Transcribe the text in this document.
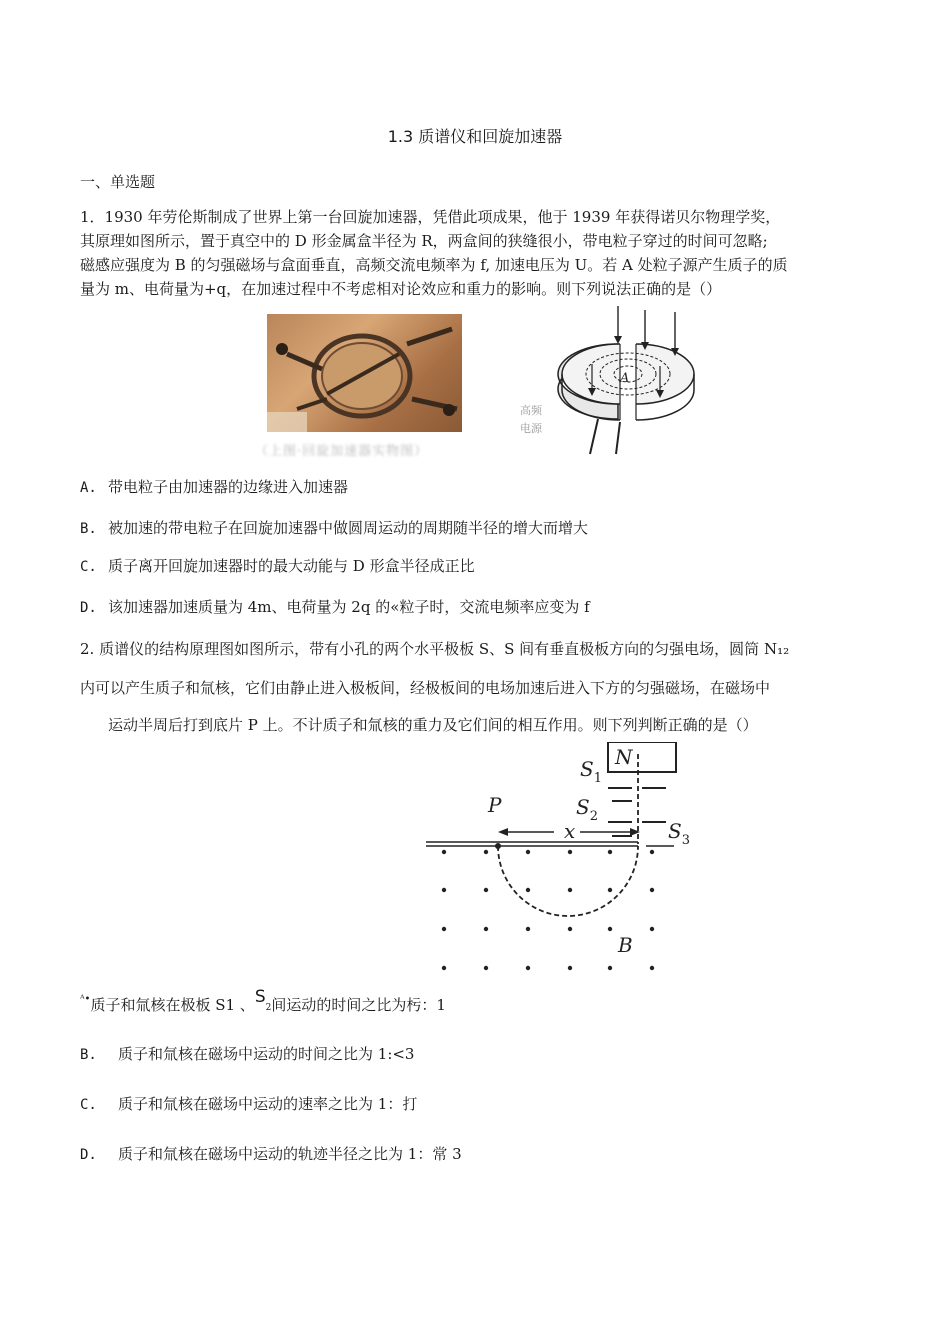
1.3 质谱仪和回旋加速器
一、单选题
1．1930 年劳伦斯制成了世界上第一台回旋加速器，凭借此项成果，他于 1939 年获得诺贝尔物理学奖，
其原理如图所示，置于真空中的 D 形金属盒半径为 R，两盒间的狭缝很小，带电粒子穿过的时间可忽略;
磁感应强度为 B 的匀强磁场与盒面垂直，高频交流电频率为 f, 加速电压为 U。若 A 处粒子源产生质子的质
量为 m、电荷量为+q，在加速过程中不考虑相对论效应和重力的影响。则下列说法正确的是（）
（上图·回旋加速器实物图）
A
高频
电源
A. 带电粒子由加速器的边缘进入加速器
B. 被加速的带电粒子在回旋加速器中做圆周运动的周期随半径的增大而增大
C. 质子离开回旋加速器时的最大动能与 D 形盒半径成正比
D. 该加速器加速质量为 4m、电荷量为 2q 的«粒子时，交流电频率应变为 f
2. 质谱仪的结构原理图如图所示，带有小孔的两个水平极板 S、S 间有垂直极板方向的匀强电场，圆筒 N₁₂
内可以产生质子和氚核，它们由静止进入极板间，经极板间的电场加速后进入下方的匀强磁场，在磁场中
运动半周后打到底片 P 上。不计质子和氚核的重力及它们间的相互作用。则下列判断正确的是（）
N
$S_1$
$S_2$
$S_3$
x
P
B
$^{ᴬ•}$质子和氚核在极板 S1 、S2间运动的时间之比为杇：1
B. 质子和氚核在磁场中运动的时间之比为 1:<3
C. 质子和氚核在磁场中运动的速率之比为 1：打
D. 质子和氚核在磁场中运动的轨迹半径之比为 1：常 3
